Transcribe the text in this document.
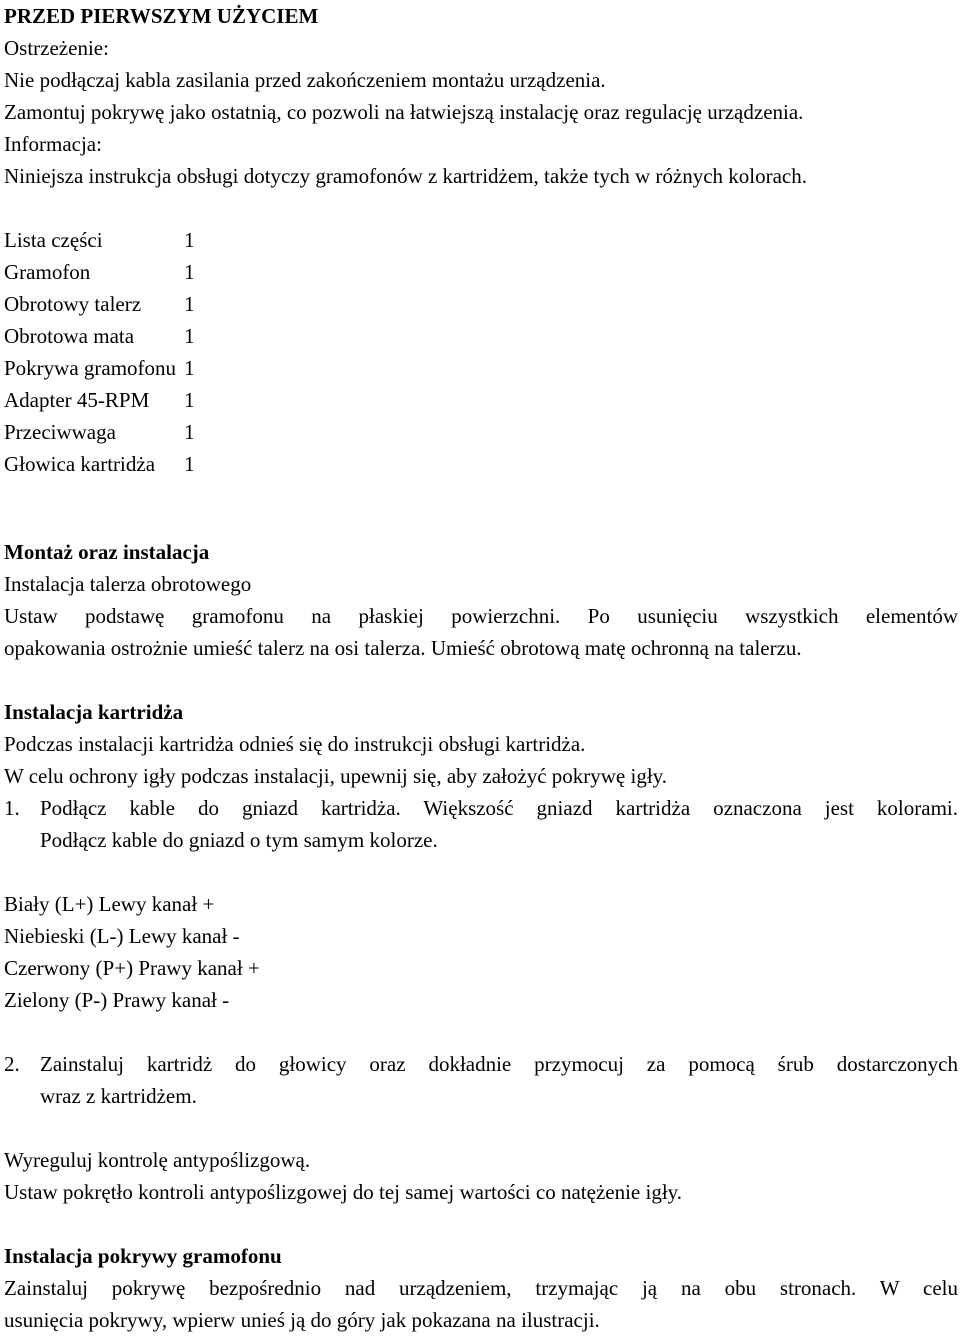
PRZED PIERWSZYM UŻYCIEM
Ostrzeżenie:
Nie podłączaj kabla zasilania przed zakończeniem montażu urządzenia.
Zamontuj pokrywę jako ostatnią, co pozwoli na łatwiejszą instalację oraz regulację urządzenia.
Informacja:
Niniejsza instrukcja obsługi dotyczy gramofonów z kartridżem, także tych w różnych kolorach.
Lista części	1
Gramofon	1
Obrotowy talerz	1
Obrotowa mata	1
Pokrywa gramofonu	1
Adapter 45-RPM	1
Przeciwwaga	1
Głowica kartridża	1
Montaż oraz instalacja
Instalacja talerza obrotowego
Ustaw podstawę gramofonu na płaskiej powierzchni. Po usunięciu wszystkich elementów
opakowania ostrożnie umieść talerz na osi talerza. Umieść obrotową matę ochronną na talerzu.
Instalacja kartridża
Podczas instalacji kartridża odnieś się do instrukcji obsługi kartridża.
W celu ochrony igły podczas instalacji, upewnij się, aby założyć pokrywę igły.
1. Podłącz kable do gniazd kartridża. Większość gniazd kartridża oznaczona jest kolorami.
Podłącz kable do gniazd o tym samym kolorze.
Biały (L+) Lewy kanał +
Niebieski (L-) Lewy kanał -
Czerwony (P+) Prawy kanał +
Zielony (P-) Prawy kanał -
2. Zainstaluj kartridż do głowicy oraz dokładnie przymocuj za pomocą śrub dostarczonych
wraz z kartridżem.
Wyreguluj kontrolę antypoślizgową.
Ustaw pokrętło kontroli antypoślizgowej do tej samej wartości co natężenie igły.
Instalacja pokrywy gramofonu
Zainstaluj pokrywę bezpośrednio nad urządzeniem, trzymając ją na obu stronach. W celu
usunięcia pokrywy, wpierw unieś ją do góry jak pokazana na ilustracji.
